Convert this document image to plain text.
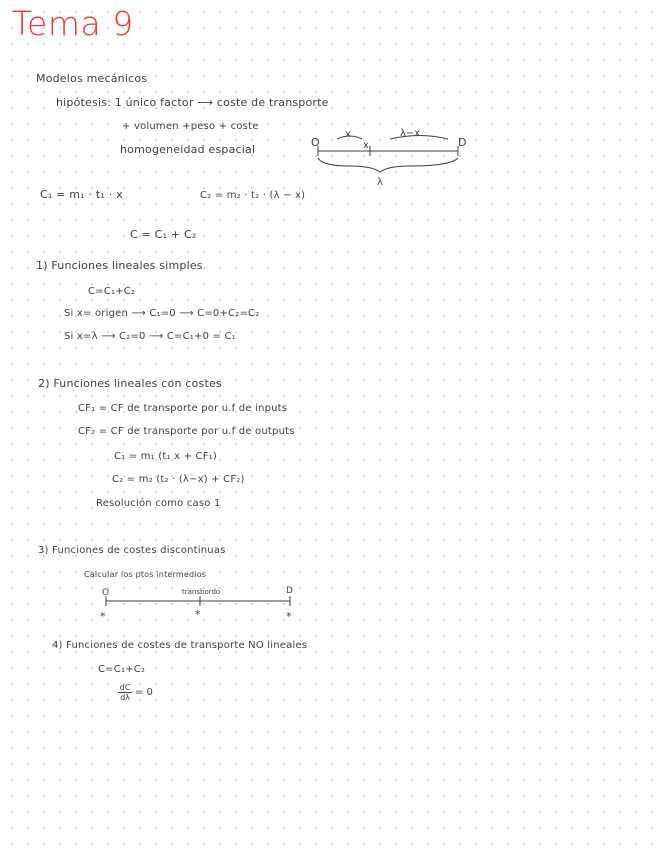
Tema 9
Modelos mecánicos
hipótesis: 1 único factor ⟶ coste de transporte
+ volumen +peso + coste
homogeneidad espacial
O	D
x
x
λ−x
λ
C₁ = m₁ · t₁ · x	C₂ = m₂ · t₂ · (λ − x)
C = C₁ + C₂
1) Funciones lineales simples
C=C₁+C₂
Si x= origen ⟶ C₁=0 ⟶ C=0+C₂=C₂
Si x=λ ⟶ C₂=0 ⟶ C=C₁+0 = C₁
2) Funciones lineales con costes
CF₁ = CF de transporte por u.f de inputs
CF₂ = CF de transporte por u.f de outputs
C₁ = m₁ (t₁ x + CF₁)
C₂ = m₂ (t₂ · (λ−x) + CF₂)
Resolución como caso 1
3) Funciones de costes discontinuas
Calcular los ptos intermedios
O	D
transbordo
*	*	*
4) Funciones de costes de transporte NO lineales
C=C₁+C₂
dC
dλ = 0
